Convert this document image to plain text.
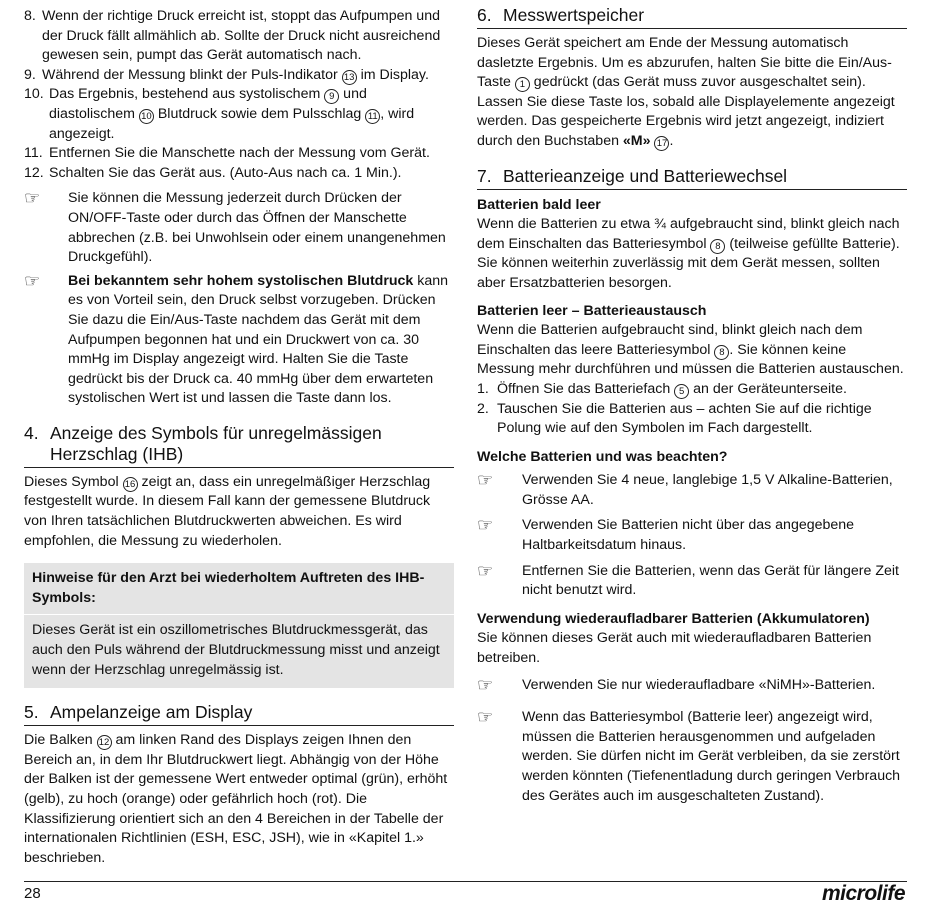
8. Wenn der richtige Druck erreicht ist, stoppt das Aufpumpen und der Druck fällt allmählich ab. Sollte der Druck nicht ausreichend gewesen sein, pumpt das Gerät automatisch nach.
9. Während der Messung blinkt der Puls-Indikator 13 im Display.
10. Das Ergebnis, bestehend aus systolischem 9 und diastolischem 10 Blutdruck sowie dem Pulsschlag 11 , wird angezeigt.
11. Entfernen Sie die Manschette nach der Messung vom Gerät.
12. Schalten Sie das Gerät aus. (Auto-Aus nach ca. 1 Min.).
☞	Sie können die Messung jederzeit durch Drücken der ON/OFF-Taste oder durch das Öffnen der Manschette abbrechen (z.B. bei Unwohlsein oder einem unangenehmen Druckgefühl).
☞	Bei bekanntem sehr hohem systolischen Blutdruck kann es von Vorteil sein, den Druck selbst vorzugeben. Drücken Sie dazu die Ein/Aus-Taste nachdem das Gerät mit dem Aufpumpen begonnen hat und ein Druckwert von ca. 30 mmHg im Display angezeigt wird. Halten Sie die Taste gedrückt bis der Druck ca. 40 mmHg über dem erwarteten systolischen Wert ist und lassen die Taste dann los.
4. Anzeige des Symbols für unregelmässigen Herzschlag (IHB)

Dieses Symbol 16 zeigt an, dass ein unregelmäßiger Herzschlag festgestellt wurde. In diesem Fall kann der gemessene Blutdruck von Ihren tatsächlichen Blutdruckwerten abweichen. Es wird empfohlen, die Messung zu wiederholen.

Hinweise für den Arzt bei wiederholtem Auftreten des IHB-Symbols:
Dieses Gerät ist ein oszillometrisches Blutdruckmessgerät, das auch den Puls während der Blutdruckmessung misst und anzeigt wenn der Herzschlag unregelmässig ist.
5. Ampelanzeige am Display

Die Balken 12 am linken Rand des Displays zeigen Ihnen den Bereich an, in dem Ihr Blutdruckwert liegt. Abhängig von der Höhe der Balken ist der gemessene Wert entweder optimal (grün), erhöht (gelb), zu hoch (orange) oder gefährlich hoch (rot). Die Klassifizierung orientiert sich an den 4 Bereichen in der Tabelle der internationalen Richtlinien (ESH, ESC, JSH), wie in «Kapitel 1.» beschrieben.

6. Messwertspeicher

Dieses Gerät speichert am Ende der Messung automatisch dasletzte Ergebnis. Um es abzurufen, halten Sie bitte die Ein/Aus-Taste 1 gedrückt (das Gerät muss zuvor ausgeschaltet sein). Lassen Sie diese Taste los, sobald alle Displayelemente angezeigt werden. Das gespeicherte Ergebnis wird jetzt angezeigt, indiziert durch den Buchstaben «M» 17 .

7. Batterieanzeige und Batteriewechsel
Batterien bald leer

Wenn die Batterien zu etwa ¾ aufgebraucht sind, blinkt gleich nach dem Einschalten das Batteriesymbol 8 (teilweise gefüllte Batterie). Sie können weiterhin zuverlässig mit dem Gerät messen, sollten aber Ersatzbatterien besorgen.

Batterien leer – Batterieaustausch

Wenn die Batterien aufgebraucht sind, blinkt gleich nach dem Einschalten das leere Batteriesymbol 8 . Sie können keine Messung mehr durchführen und müssen die Batterien austauschen.

1. Öffnen Sie das Batteriefach 5 an der Geräteunterseite.
2. Tauschen Sie die Batterien aus – achten Sie auf die richtige Polung wie auf den Symbolen im Fach dargestellt.
Welche Batterien und was beachten?
☞	Verwenden Sie 4 neue, langlebige 1,5 V Alkaline-Batterien, Grösse AA.
☞	Verwenden Sie Batterien nicht über das angegebene Haltbarkeitsdatum hinaus.
☞	Entfernen Sie die Batterien, wenn das Gerät für längere Zeit nicht benutzt wird.
Verwendung wiederaufladbarer Batterien (Akkumulatoren)

Sie können dieses Gerät auch mit wiederaufladbaren Batterien betreiben.

☞	Verwenden Sie nur wiederaufladbare «NiMH»-Batterien.
☞	Wenn das Batteriesymbol (Batterie leer) angezeigt wird, müssen die Batterien herausgenommen und aufgeladen werden. Sie dürfen nicht im Gerät verbleiben, da sie zerstört werden könnten (Tiefenentladung durch geringen Verbrauch des Gerätes auch im ausgeschalteten Zustand).
28	microlife
